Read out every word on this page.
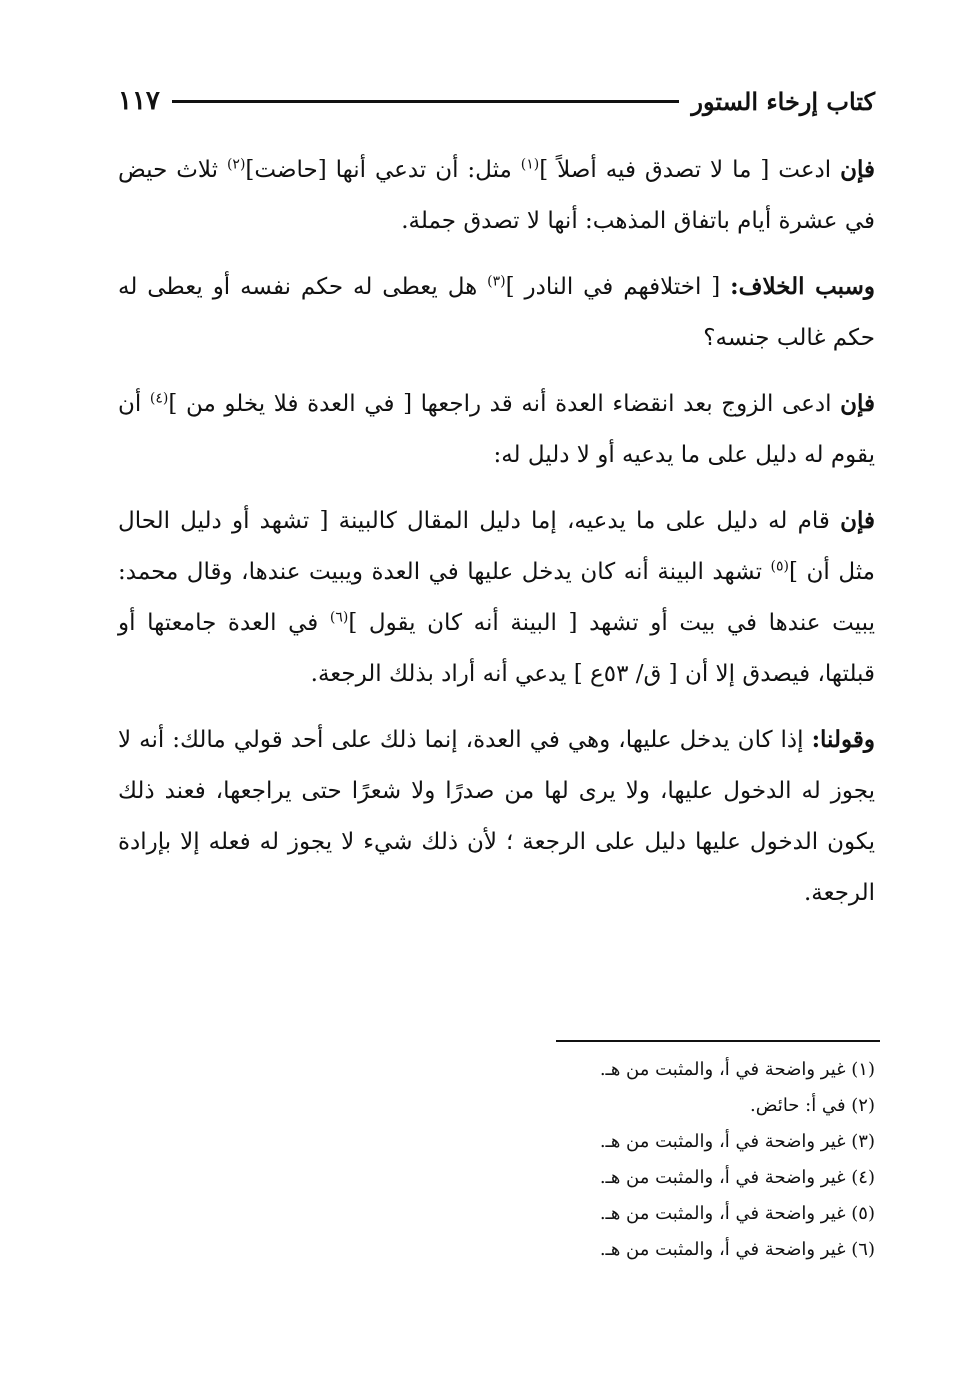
كتاب إرخاء الستور
١١٧

فإن ادعت [ ما لا تصدق فيه أصلاً ]$^{(١)}$ مثل: أن تدعي أنها [حاضت]$^{(٢)}$ ثلاث حيض في عشرة أيام باتفاق المذهب: أنها لا تصدق جملة.

وسبب الخلاف: [ اختلافهم في النادر ]$^{(٣)}$ هل يعطى له حكم نفسه أو يعطى له حكم غالب جنسه؟

فإن ادعى الزوج بعد انقضاء العدة أنه قد راجعها [ في العدة فلا يخلو من ]$^{(٤)}$ أن يقوم له دليل على ما يدعيه أو لا دليل له:

فإن قام له دليل على ما يدعيه، إما دليل المقال كالبينة [ تشهد أو دليل الحال مثل أن ]$^{(٥)}$ تشهد البينة أنه كان يدخل عليها في العدة ويبيت عندها، وقال محمد: يبيت عندها في بيت أو تشهد [ البينة أنه كان يقول ]$^{(٦)}$ في العدة جامعتها أو قبلتها، فيصدق إلا أن [ ق/ ٥٣ع ] يدعي أنه أراد بذلك الرجعة.

وقولنا: إذا كان يدخل عليها، وهي في العدة، إنما ذلك على أحد قولي مالك: أنه لا يجوز له الدخول عليها، ولا يرى لها من صدرًا ولا شعرًا حتى يراجعها، فعند ذلك يكون الدخول عليها دليل على الرجعة ؛ لأن ذلك شيء لا يجوز له فعله إلا بإرادة الرجعة.

(١) غير واضحة في أ، والمثبت من هـ.

(٢) في أ: حائض.

(٣) غير واضحة في أ، والمثبت من هـ.

(٤) غير واضحة في أ، والمثبت من هـ.

(٥) غير واضحة في أ، والمثبت من هـ.

(٦) غير واضحة في أ، والمثبت من هـ.
